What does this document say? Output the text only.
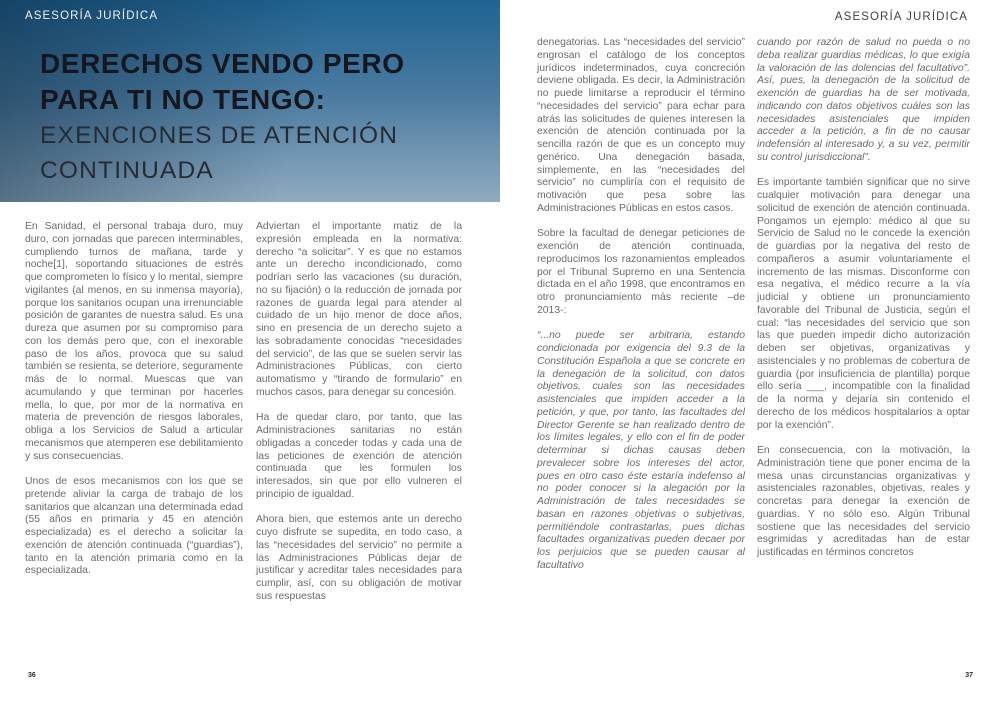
ASESORÍA JURÍDICA
DERECHOS VENDO PERO
PARA TI NO TENGO:
EXENCIONES DE ATENCIÓN
CONTINUADA

En Sanidad, el personal trabaja duro, muy duro, con jornadas que parecen interminables, cumpliendo turnos de mañana, tarde y noche[1], soportando situaciones de estrés que comprometen lo físico y lo mental, siempre vigilantes (al menos, en su inmensa mayoría), porque los sanitarios ocupan una irrenunciable posición de garantes de nuestra salud. Es una dureza que asumen por su compromiso para con los demás pero que, con el inexorable paso de los años, provoca que su salud también se resienta, se deteriore, seguramente más de lo normal. Muescas que van acumulando y que terminan por hacerles mella, lo que, por mor de la normativa en materia de prevención de riesgos laborales, obliga a los Servicios de Salud a articular mecanismos que atemperen ese debilitamiento y sus consecuencias.

Unos de esos mecanismos con los que se pretende aliviar la carga de trabajo de los sanitarios que alcanzan una determinada edad (55 años en primaria y 45 en atención especializada) es el derecho a solicitar la exención de atención continuada (“guardias”), tanto en la atención primaria como en la especializada.

Adviertan el importante matiz de la expresión empleada en la normativa: derecho “a solicitar”. Y es que no estamos ante un derecho incondicionado, como podrían serlo las vacaciones (su duración, no su fijación) o la reducción de jornada por razones de guarda legal para atender al cuidado de un hijo menor de doce años, sino en presencia de un derecho sujeto a las sobradamente conocidas “necesidades del servicio”, de las que se suelen servir las Administraciones Públicas, con cierto automatismo y “tirando de formulario” en muchos casos, para denegar su concesión.

Ha de quedar claro, por tanto, que las Administraciones sanitarias no están obligadas a conceder todas y cada una de las peticiones de exención de atención continuada que les formulen los interesados, sin que por ello vulneren el principio de igualdad.

Ahora bien, que estemos ante un derecho cuyo disfrute se supedita, en todo caso, a las “necesidades del servicio” no permite a las Administraciones Públicas dejar de justificar y acreditar tales necesidades para cumplir, así, con su obligación de motivar sus respuestas

36
ASESORÍA JURÍDICA

denegatorias. Las “necesidades del servicio” engrosan el catálogo de los conceptos jurídicos indeterminados, cuya concreción deviene obligada. Es decir, la Administración no puede limitarse a reproducir el término “necesidades del servicio” para echar para atrás las solicitudes de quienes interesen la exención de atención continuada por la sencilla razón de que es un concepto muy genérico. Una denegación basada, simplemente, en las “necesidades del servicio” no cumpliría con el requisito de motivación que pesa sobre las Administraciones Públicas en estos casos.

Sobre la facultad de denegar peticiones de exención de atención continuada, reproducimos los razonamientos empleados por el Tribunal Supremo en una Sentencia dictada en el año 1998, que encontramos en otro pronunciamiento más reciente –de 2013-:

“...no puede ser arbitraria, estando condicionada por exigencia del 9.3 de la Constitución Española a que se concrete en la denegación de la solicitud, con datos objetivos, cuales son las necesidades asistenciales que impiden acceder a la petición, y que, por tanto, las facultades del Director Gerente se han realizado dentro de los límites legales, y ello con el fin de poder determinar si dichas causas deben prevalecer sobre los intereses del actor, pues en otro caso éste estaría indefenso al no poder conocer si la alegación por la Administración de tales necesidades se basan en razones objetivas o subjetivas, permitiéndole contrastarlas, pues dichas facultades organizativas pueden decaer por los perjuicios que se pueden causar al facultativo

cuando por razón de salud no pueda o no deba realizar guardias médicas, lo que exigía la valoración de las dolencias del facultativo”. Así, pues, la denegación de la solicitud de exención de guardias ha de ser motivada, indicando con datos objetivos cuáles son las necesidades asistenciales que impiden acceder a la petición, a fin de no causar indefensión al interesado y, a su vez, permitir su control jurisdiccional”.

Es importante también significar que no sirve cualquier motivación para denegar una solicitud de exención de atención continuada. Pongamos un ejemplo: médico al que su Servicio de Salud no le concede la exención de guardias por la negativa del resto de compañeros a asumir voluntariamente el incremento de las mismas. Disconforme con esa negativa, el médico recurre a la vía judicial y obtiene un pronunciamiento favorable del Tribunal de Justicia, según el cual: “las necesidades del servicio que son las que pueden impedir dicho autorización deben ser objetivas, organizativas y asistenciales y no problemas de cobertura de guardia (por insuficiencia de plantilla) porque ello sería ___, incompatible con la finalidad de la norma y dejaría sin contenido el derecho de los médicos hospitalarios a optar por la exención”.

En consecuencia, con la motivación, la Administración tiene que poner encima de la mesa unas circunstancias organizativas y asistenciales razonables, objetivas, reales y concretas para denegar la exención de guardias. Y no sólo eso. Algún Tribunal sostiene que las necesidades del servicio esgrimidas y acreditadas han de estar justificadas en términos concretos

37
